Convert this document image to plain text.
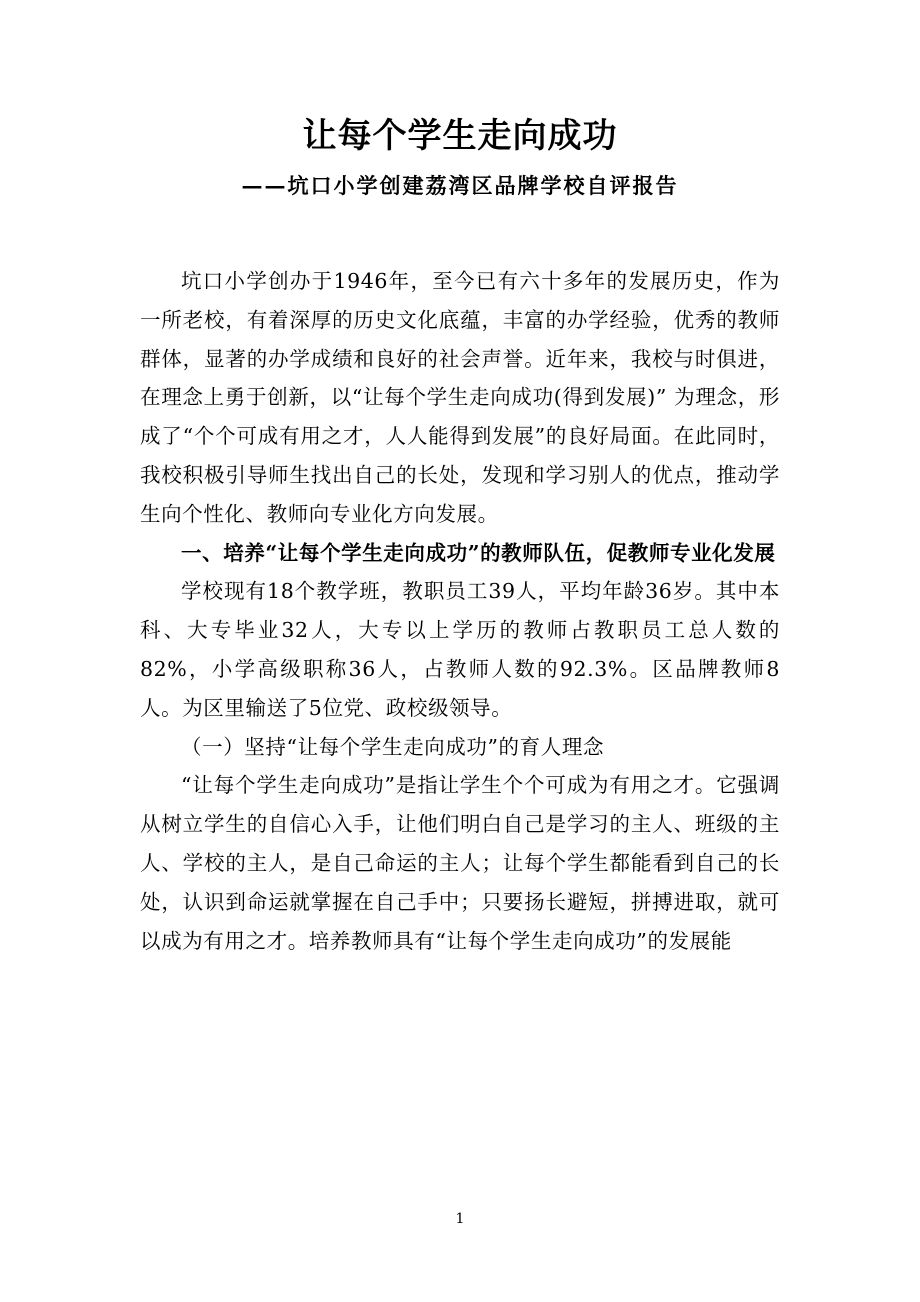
让每个学生走向成功
——坑口小学创建荔湾区品牌学校自评报告

坑口小学创办于1946年，至今已有六十多年的发展历史，作为一所老校，有着深厚的历史文化底蕴，丰富的办学经验，优秀的教师群体，显著的办学成绩和良好的社会声誉。近年来，我校与时俱进，在理念上勇于创新，以“让每个学生走向成功(得到发展)” 为理念，形成了“个个可成有用之才，人人能得到发展”的良好局面。在此同时，我校积极引导师生找出自己的长处，发现和学习别人的优点，推动学生向个性化、教师向专业化方向发展。

一、培养“让每个学生走向成功”的教师队伍，促教师专业化发展

学校现有18个教学班，教职员工39人，平均年龄36岁。其中本科、大专毕业32人，大专以上学历的教师占教职员工总人数的82%，小学高级职称36人，占教师人数的92.3%。区品牌教师8人。为区里输送了5位党、政校级领导。

（一）坚持“让每个学生走向成功”的育人理念

“让每个学生走向成功”是指让学生个个可成为有用之才。它强调从树立学生的自信心入手，让他们明白自己是学习的主人、班级的主人、学校的主人，是自己命运的主人；让每个学生都能看到自己的长处，认识到命运就掌握在自己手中；只要扬长避短，拼搏进取，就可以成为有用之才。培养教师具有“让每个学生走向成功”的发展能

1
